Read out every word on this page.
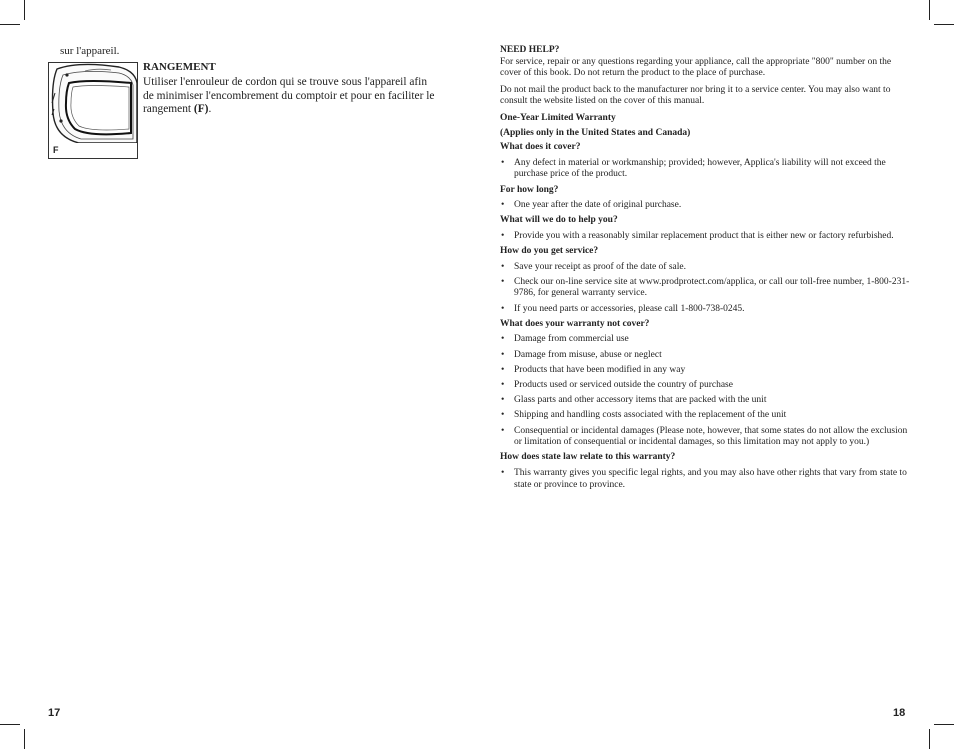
sur l'appareil.
F

RANGEMENT

Utiliser l'enrouleur de cordon qui se trouve sous l'appareil afin de minimiser l'encombrement du comptoir et pour en faciliter le rangement (F).

17

NEED HELP?

For service, repair or any questions regarding your appliance, call the appropriate "800" number on the cover of this book. Do not return the product to the place of purchase.

Do not mail the product back to the manufacturer nor bring it to a service center. You may also want to consult the website listed on the cover of this manual.

One-Year Limited Warranty

(Applies only in the United States and Canada)

What does it cover?

• Any defect in material or workmanship; provided; however, Applica's liability will not exceed the purchase price of the product.

For how long?

• One year after the date of original purchase.

What will we do to help you?

• Provide you with a reasonably similar replacement product that is either new or factory refurbished.

How do you get service?

• Save your receipt as proof of the date of sale.
• Check our on-line service site at www.prodprotect.com/applica, or call our toll-free number, 1-800-231-9786, for general warranty service.
• If you need parts or accessories, please call 1-800-738-0245.

What does your warranty not cover?

• Damage from commercial use
• Damage from misuse, abuse or neglect
• Products that have been modified in any way
• Products used or serviced outside the country of purchase
• Glass parts and other accessory items that are packed with the unit
• Shipping and handling costs associated with the replacement of the unit
• Consequential or incidental damages (Please note, however, that some states do not allow the exclusion or limitation of consequential or incidental damages, so this limitation may not apply to you.)

How does state law relate to this warranty?

• This warranty gives you specific legal rights, and you may also have other rights that vary from state to state or province to province.
18
